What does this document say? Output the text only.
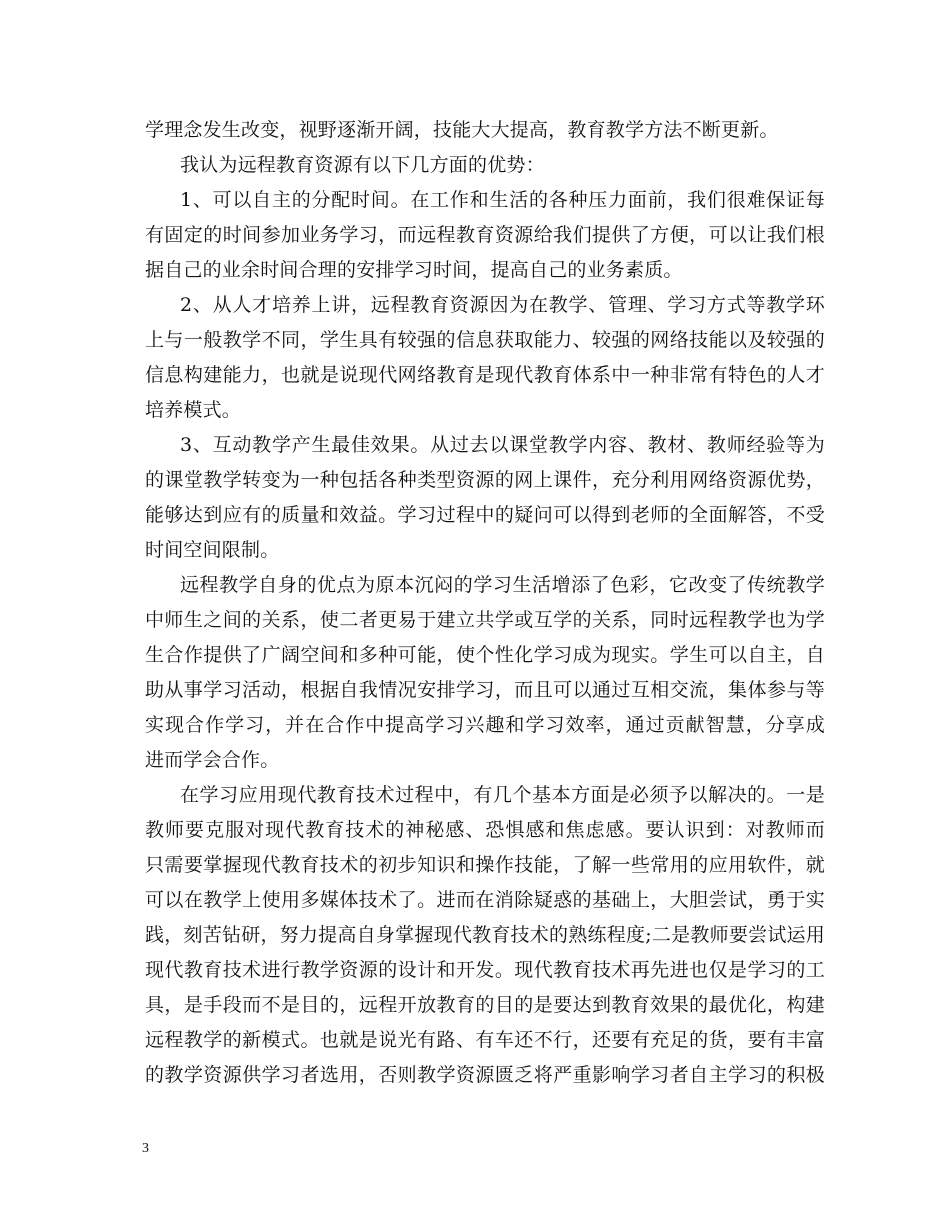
学理念发生改变，视野逐渐开阔，技能大大提高，教育教学方法不断更新。
我认为远程教育资源有以下几方面的优势：
1、可以自主的分配时间。在工作和生活的各种压力面前，我们很难保证每
有固定的时间参加业务学习，而远程教育资源给我们提供了方便，可以让我们根
据自己的业余时间合理的安排学习时间，提高自己的业务素质。
2、从人才培养上讲，远程教育资源因为在教学、管理、学习方式等教学环
上与一般教学不同，学生具有较强的信息获取能力、较强的网络技能以及较强的
信息构建能力，也就是说现代网络教育是现代教育体系中一种非常有特色的人才
培养模式。
3、互动教学产生最佳效果。从过去以课堂教学内容、教材、教师经验等为
的课堂教学转变为一种包括各种类型资源的网上课件，充分利用网络资源优势，
能够达到应有的质量和效益。学习过程中的疑问可以得到老师的全面解答，不受
时间空间限制。
远程教学自身的优点为原本沉闷的学习生活增添了色彩，它改变了传统教学
中师生之间的关系，使二者更易于建立共学或互学的关系，同时远程教学也为学
生合作提供了广阔空间和多种可能，使个性化学习成为现实。学生可以自主，自
助从事学习活动，根据自我情况安排学习，而且可以通过互相交流，集体参与等
实现合作学习，并在合作中提高学习兴趣和学习效率，通过贡献智慧，分享成
进而学会合作。
在学习应用现代教育技术过程中，有几个基本方面是必须予以解决的。一是
教师要克服对现代教育技术的神秘感、恐惧感和焦虑感。要认识到：对教师而
只需要掌握现代教育技术的初步知识和操作技能，了解一些常用的应用软件，就
可以在教学上使用多媒体技术了。进而在消除疑惑的基础上，大胆尝试，勇于实
践，刻苦钻研，努力提高自身掌握现代教育技术的熟练程度;二是教师要尝试运用
现代教育技术进行教学资源的设计和开发。现代教育技术再先进也仅是学习的工
具，是手段而不是目的，远程开放教育的目的是要达到教育效果的最优化，构建
远程教学的新模式。也就是说光有路、有车还不行，还要有充足的货，要有丰富
的教学资源供学习者选用，否则教学资源匮乏将严重影响学习者自主学习的积极
3
